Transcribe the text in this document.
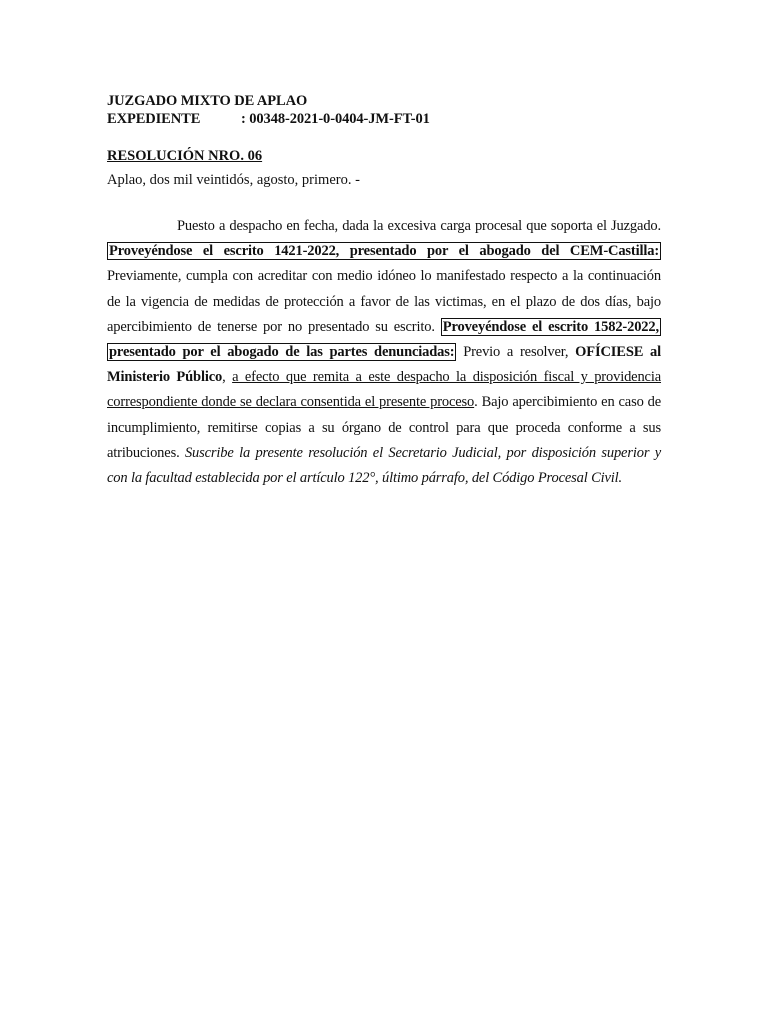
JUZGADO MIXTO DE APLAO
EXPEDIENTE	: 00348-2021-0-0404-JM-FT-01
RESOLUCIÓN NRO. 06
Aplao, dos mil veintidós, agosto, primero. -
Puesto a despacho en fecha, dada la excesiva carga procesal que soporta el Juzgado. Proveyéndose el escrito 1421-2022, presentado por el abogado del CEM-Castilla: Previamente, cumpla con acreditar con medio idóneo lo manifestado respecto a la continuación de la vigencia de medidas de protección a favor de las victimas, en el plazo de dos días, bajo apercibimiento de tenerse por no presentado su escrito. Proveyéndose el escrito 1582-2022, presentado por el abogado de las partes denunciadas: Previo a resolver, OFÍCIESE al Ministerio Público, a efecto que remita a este despacho la disposición fiscal y providencia correspondiente donde se declara consentida el presente proceso. Bajo apercibimiento en caso de incumplimiento, remitirse copias a su órgano de control para que proceda conforme a sus atribuciones. Suscribe la presente resolución el Secretario Judicial, por disposición superior y con la facultad establecida por el artículo 122°, último párrafo, del Código Procesal Civil.
